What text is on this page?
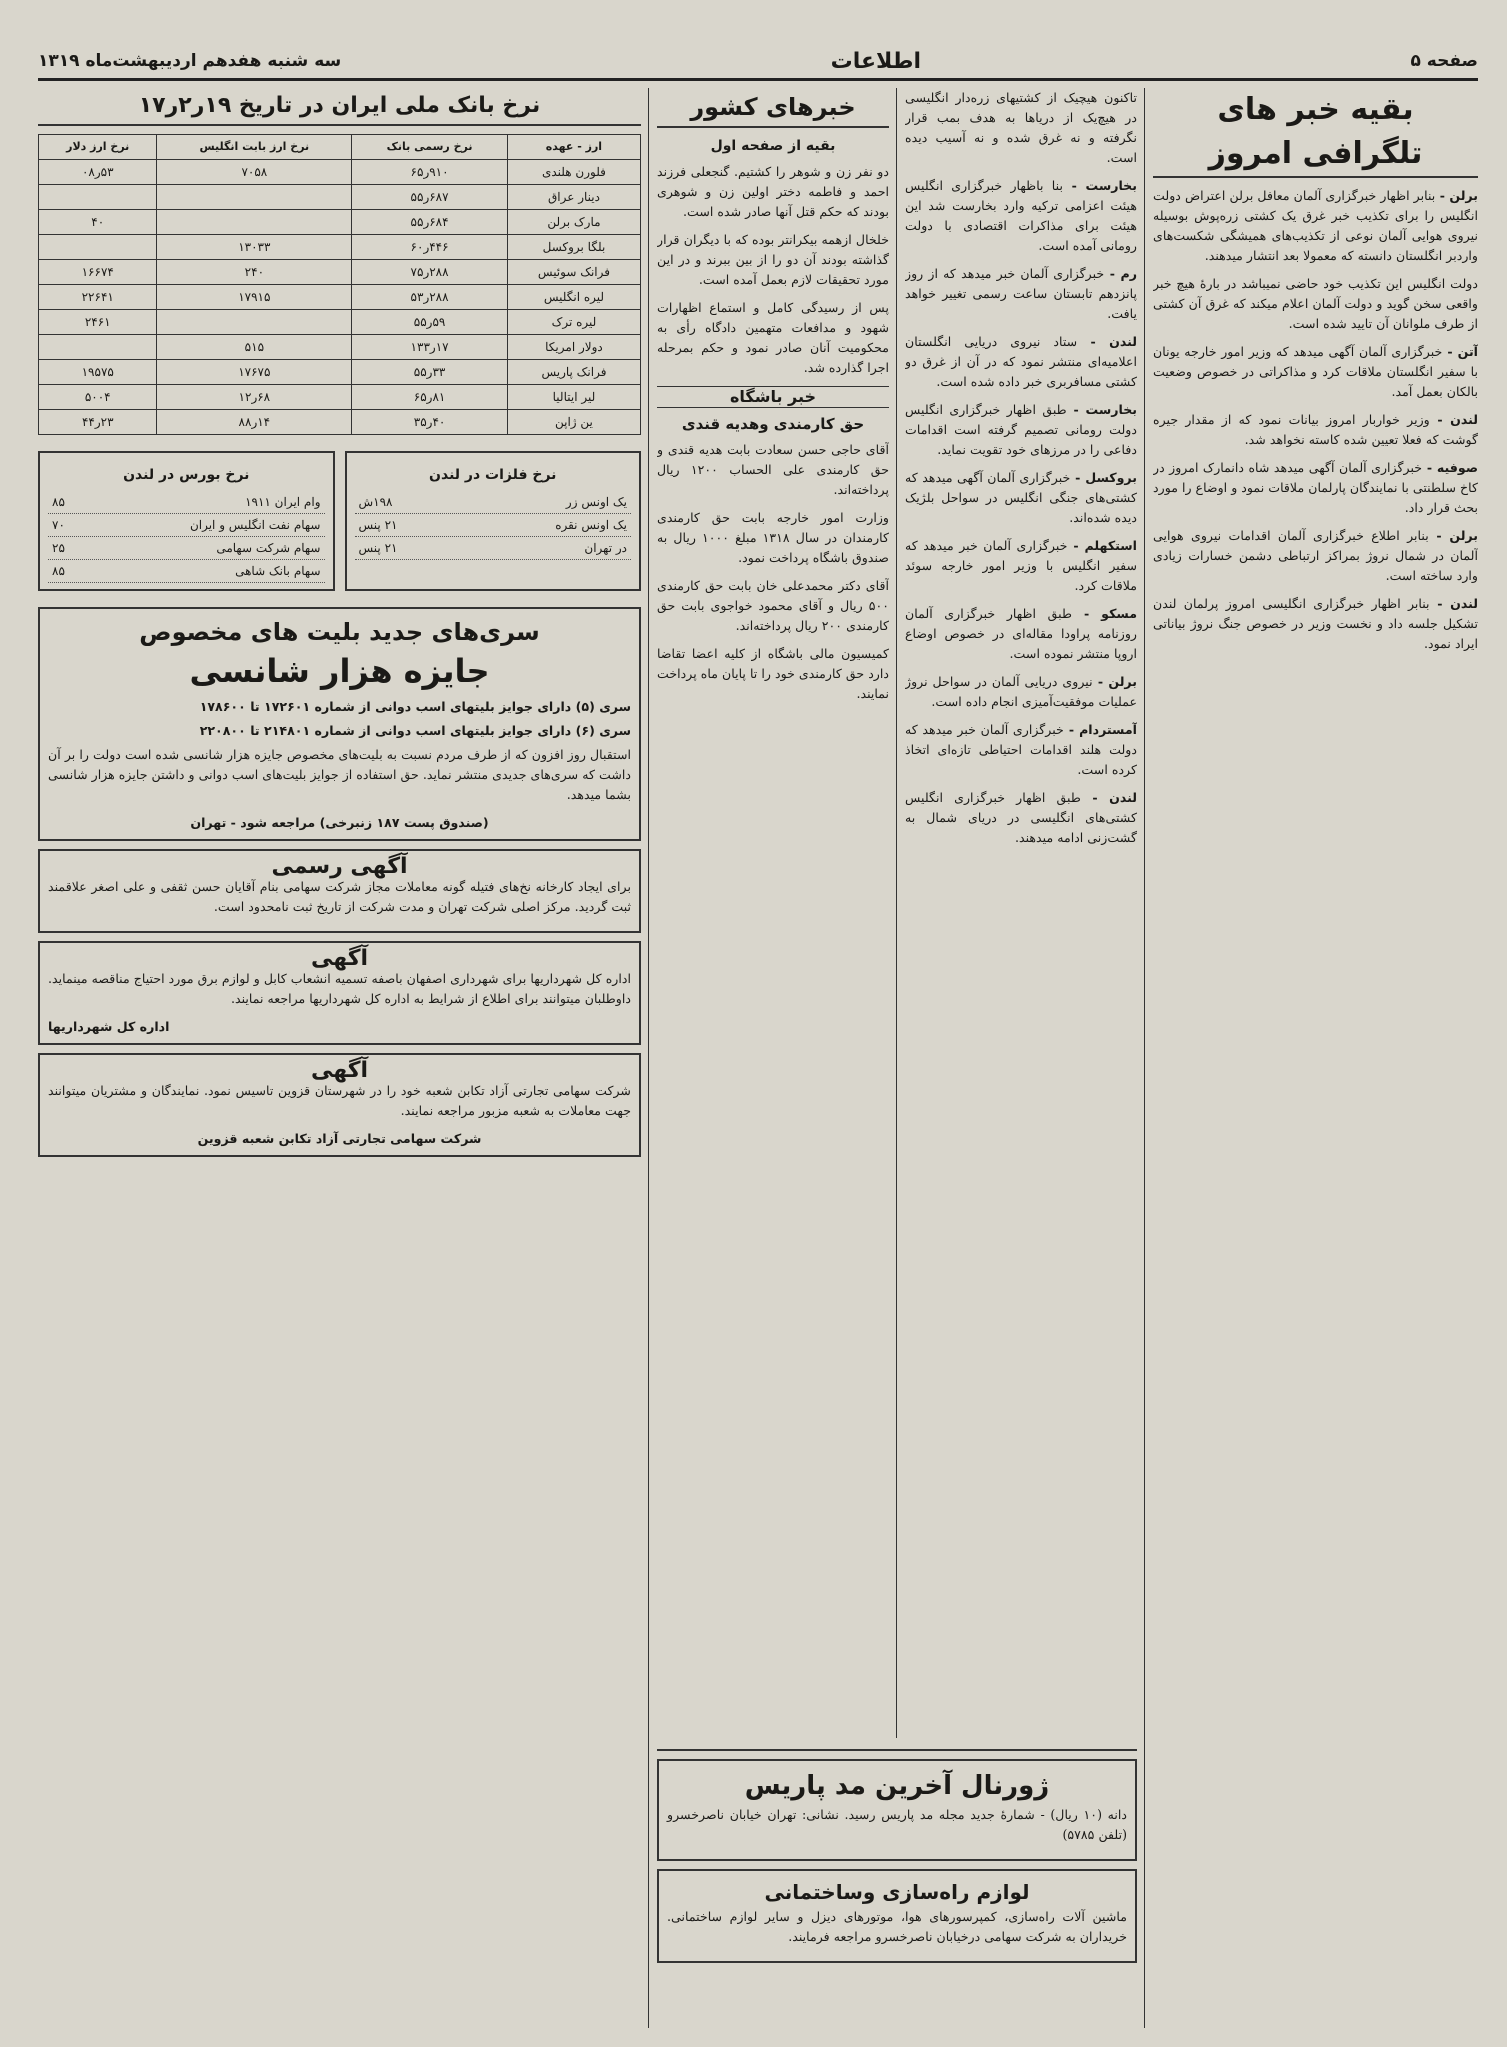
صفحه ۵
اطلاعات
سه شنبه هفدهم اردیبهشت‌ماه ۱۳۱۹
بقیه خبر های تلگرافی امروز

برلن - بنابر اظهار خبرگزاری آلمان معافل برلن اعتراض دولت انگلیس را برای تکذیب خبر غرق یک کشتی زره‌پوش بوسیله نیروی هوایی آلمان نوعی از تکذیب‌های همیشگی شکست‌های واردبر انگلستان دانسته که معمولا بعد انتشار میدهند.

دولت انگلیس این تکذیب خود حاضی نمیباشد در بارهٔ هیچ خبر واقعی سخن گوید و دولت آلمان اعلام میکند که غرق آن کشتی از طرف ملوانان آن تایید شده است.

آتن - خبرگزاری آلمان آگهی میدهد که وزیر امور خارجه یونان با سفیر انگلستان ملاقات کرد و مذاکراتی در خصوص وضعیت بالکان بعمل آمد.

لندن - وزیر خواربار امروز بیانات نمود که از مقدار جیره گوشت که فعلا تعیین شده کاسته نخواهد شد.

صوفیه - خبرگزاری آلمان آگهی میدهد شاه دانمارک امروز در کاخ سلطنتی با نمایندگان پارلمان ملاقات نمود و اوضاع را مورد بحث قرار داد.

برلن - بنابر اطلاع خبرگزاری آلمان اقدامات نیروی هوایی آلمان در شمال نروژ بمراکز ارتباطی دشمن خسارات زیادی وارد ساخته است.

لندن - بنابر اظهار خبرگزاری انگلیسی امروز پرلمان لندن تشکیل جلسه داد و نخست وزیر در خصوص جنگ نروژ بیاناتی ایراد نمود.

تاکنون هیچیک از کشتیهای زره‌دار انگلیسی در هیچ‌یک از دریاها به هدف بمب قرار نگرفته و نه غرق شده و نه آسیب دیده است.

بخارست - بنا باظهار خبرگزاری انگلیس هیئت اعزامی ترکیه وارد بخارست شد این هیئت برای مذاکرات اقتصادی با دولت رومانی آمده است.

رم - خبرگزاری آلمان خبر میدهد که از روز پانزدهم تابستان ساعت رسمی تغییر خواهد یافت.

لندن - ستاد نیروی دریایی انگلستان اعلامیه‌ای منتشر نمود که در آن از غرق دو کشتی مسافربری خبر داده شده است.

بخارست - طبق اظهار خبرگزاری انگلیس دولت رومانی تصمیم گرفته است اقدامات دفاعی را در مرزهای خود تقویت نماید.

بروکسل - خبرگزاری آلمان آگهی میدهد که کشتی‌های جنگی انگلیس در سواحل بلژیک دیده شده‌اند.

استکهلم - خبرگزاری آلمان خبر میدهد که سفیر انگلیس با وزیر امور خارجه سوئد ملاقات کرد.

مسکو - طبق اظهار خبرگزاری آلمان روزنامه پراودا مقاله‌ای در خصوص اوضاع اروپا منتشر نموده است.

برلن - نیروی دریایی آلمان در سواحل نروژ عملیات موفقیت‌آمیزی انجام داده است.

آمستردام - خبرگزاری آلمان خبر میدهد که دولت هلند اقدامات احتیاطی تازه‌ای اتخاذ کرده است.

لندن - طبق اظهار خبرگزاری انگلیس کشتی‌های انگلیسی در دریای شمال به گشت‌زنی ادامه میدهند.

خبرهای کشور
بقیه از صفحه اول

دو نفر زن و شوهر را کشتیم. گنجعلی فرزند احمد و فاطمه دختر اولین زن و شوهری بودند که حکم قتل آنها صادر شده است.

خلخال ازهمه بیکرانتر بوده که با دیگران قرار گذاشته بودند آن دو را از بین ببرند و در این مورد تحقیقات لازم بعمل آمده است.

پس از رسیدگی کامل و استماع اظهارات شهود و مدافعات متهمین دادگاه رأی به محکومیت آنان صادر نمود و حکم بمرحله اجرا گذارده شد.

خبر باشگاه
حق کارمندی وهدیه قندی

آقای حاجی حسن سعادت بابت هدیه قندی و حق کارمندی علی الحساب ۱۲۰۰ ریال پرداخته‌اند.

وزارت امور خارجه بابت حق کارمندی کارمندان در سال ۱۳۱۸ مبلغ ۱۰۰۰ ریال به صندوق باشگاه پرداخت نمود.

آقای دکتر محمدعلی خان بابت حق کارمندی ۵۰۰ ریال و آقای محمود خواجوی بابت حق کارمندی ۲۰۰ ریال پرداخته‌اند.

کمیسیون مالی باشگاه از کلیه اعضا تقاضا دارد حق کارمندی خود را تا پایان ماه پرداخت نمایند.

نرخ بانک ملی ایران در تاریخ ۱۹ر۲ر۱۷
ارز - عهده	نرخ رسمی بانک	نرخ ارز بابت انگلیس	نرخ ارز دلار
فلورن هلندی	۹۱۰ر۶۵	۷۰۵۸	۵۳ر۰۸
دینار عراق	۶۸۷ر۵۵		
مارک برلن	۶۸۴ر۵۵		۴۰
بلگا بروکسل	۴۴۶ر۶۰	۱۳۰۳۳	
فرانک سوئیس	۲۸۸ر۷۵	۲۴۰	۱۶۶۷۴
لیره انگلیس	۲۸۸ر۵۳	۱۷۹۱۵	۲۲۶۴۱
لیره ترک	۵۹ر۵۵		۲۴۶۱
دولار امریکا	۱۷ر۱۳۳	۵۱۵	
فرانک پاریس	۳۳ر۵۵	۱۷۶۷۵	۱۹۵۷۵
لیر ایتالیا	۸۱ر۶۵	۶۸ر۱۲	۵۰۰۴
ین ژاپن	۴۰ر۳۵	۱۴ر۸۸	۲۳ر۴۴
نرخ فلزات در لندن
یک اونس زر
۱۹۸ش
یک اونس نقره
۲۱ پنس
در تهران
۲۱ پنس
نرخ بورس در لندن
وام ایران ۱۹۱۱
۸۵
سهام نفت انگلیس و ایران
۷۰
سهام شرکت سهامی
۲۵
سهام بانک شاهی
۸۵
سری‌های جدید بلیت های مخصوص
جایزه هزار شانسی
سری (۵) دارای جوایز بلیتهای اسب دوانی از شماره ۱۷۲۶۰۱ تا ۱۷۸۶۰۰
سری (۶) دارای جوایز بلیتهای اسب دوانی از شماره ۲۱۴۸۰۱ تا ۲۲۰۸۰۰

استقبال روز افزون که از طرف مردم نسبت به بلیت‌های مخصوص جایزه هزار شانسی شده است دولت را بر آن داشت که سری‌های جدیدی منتشر نماید. حق استفاده از جوایز بلیت‌های اسب دوانی و داشتن جایزه هزار شانسی بشما میدهد.

(صندوق پست ۱۸۷ زنبرخی) مراجعه شود - تهران
آگهی رسمی

برای ایجاد کارخانه نخ‌های فتیله گونه معاملات مجاز شرکت سهامی بنام آقایان حسن ثقفی و علی اصغر علاقمند ثبت گردید. مرکز اصلی شرکت تهران و مدت شرکت از تاریخ ثبت نامحدود است.

آگهی

اداره کل شهرداریها برای شهرداری اصفهان باصفه تسمیه انشعاب کابل و لوازم برق مورد احتیاج مناقصه مینماید. داوطلبان میتوانند برای اطلاع از شرایط به اداره کل شهرداریها مراجعه نمایند.

اداره کل شهرداریها
آگهی

شرکت سهامی تجارتی آزاد تکابن شعبه خود را در شهرستان قزوین تاسیس نمود. نمایندگان و مشتریان میتوانند جهت معاملات به شعبه مزبور مراجعه نمایند.

شرکت سهامی تجارتی آزاد تکابن شعبه قزوین
ژورنال آخرین مد پاریس

دانه (۱۰ ریال) - شمارۀ جدید مجله مد پاریس رسید. نشانی: تهران خیابان ناصرخسرو (تلفن ۵۷۸۵)

لوازم راه‌سازی وساختمانی

ماشین آلات راه‌سازی، کمپرسورهای هوا، موتورهای دیزل و سایر لوازم ساختمانی. خریداران به شرکت سهامی درخیابان ناصرخسرو مراجعه فرمایند.
